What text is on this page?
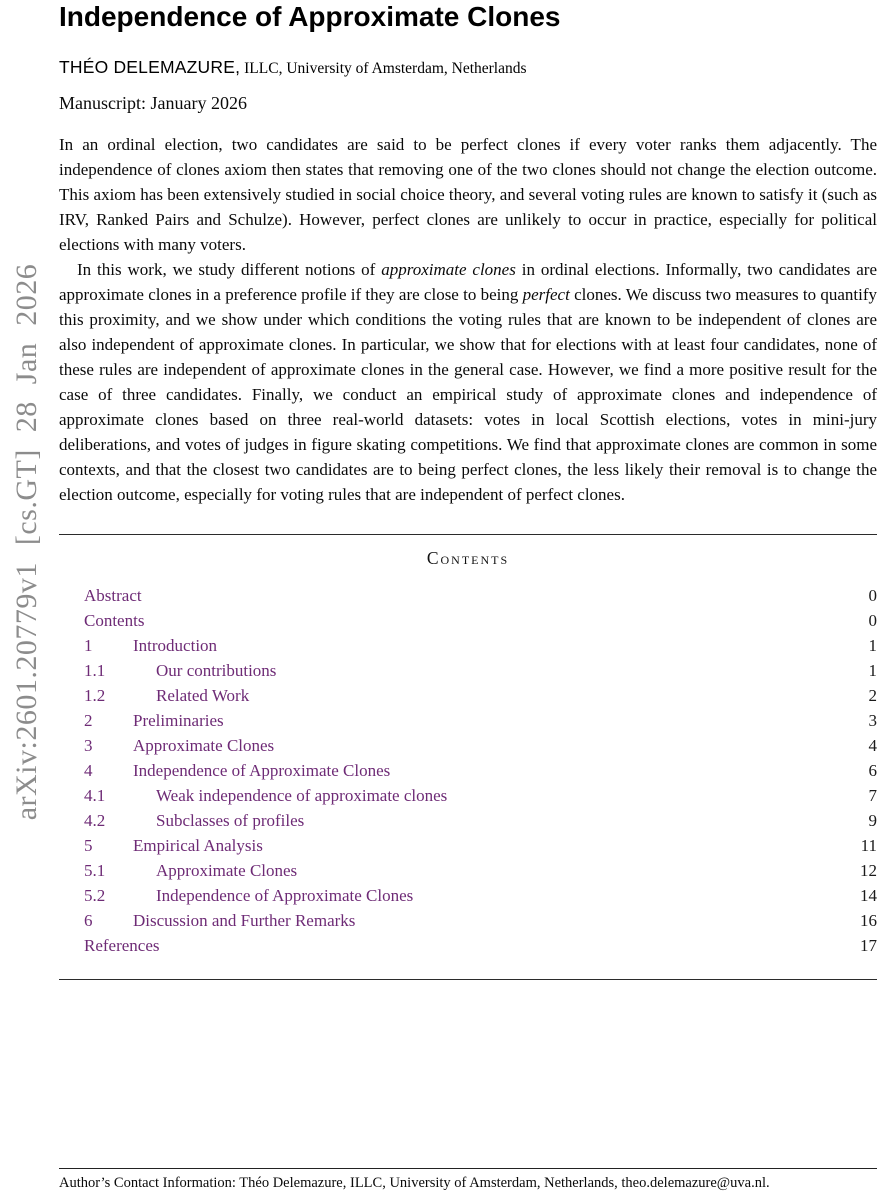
arXiv:2601.20779v1 [cs.GT] 28 Jan 2026
Independence of Approximate Clones
THÉO DELEMAZURE, ILLC, University of Amsterdam, Netherlands
Manuscript: January 2026

In an ordinal election, two candidates are said to be perfect clones if every voter ranks them adjacently. The independence of clones axiom then states that removing one of the two clones should not change the election outcome. This axiom has been extensively studied in social choice theory, and several voting rules are known to satisfy it (such as IRV, Ranked Pairs and Schulze). However, perfect clones are unlikely to occur in practice, especially for political elections with many voters.

In this work, we study different notions of approximate clones in ordinal elections. Informally, two candidates are approximate clones in a preference profile if they are close to being perfect clones. We discuss two measures to quantify this proximity, and we show under which conditions the voting rules that are known to be independent of clones are also independent of approximate clones. In particular, we show that for elections with at least four candidates, none of these rules are independent of approximate clones in the general case. However, we find a more positive result for the case of three candidates. Finally, we conduct an empirical study of approximate clones and independence of approximate clones based on three real-world datasets: votes in local Scottish elections, votes in mini-jury deliberations, and votes of judges in figure skating competitions. We find that approximate clones are common in some contexts, and that the closest two candidates are to being perfect clones, the less likely their removal is to change the election outcome, especially for voting rules that are independent of perfect clones.

Contents
Abstract	0
Contents	0
1	Introduction	1
1.1	Our contributions	1
1.2	Related Work	2
2	Preliminaries	3
3	Approximate Clones	4
4	Independence of Approximate Clones	6
4.1	Weak independence of approximate clones	7
4.2	Subclasses of profiles	9
5	Empirical Analysis	11
5.1	Approximate Clones	12
5.2	Independence of Approximate Clones	14
6	Discussion and Further Remarks	16
References	17
Author’s Contact Information: Théo Delemazure, ILLC, University of Amsterdam, Netherlands, theo.delemazure@uva.nl.
